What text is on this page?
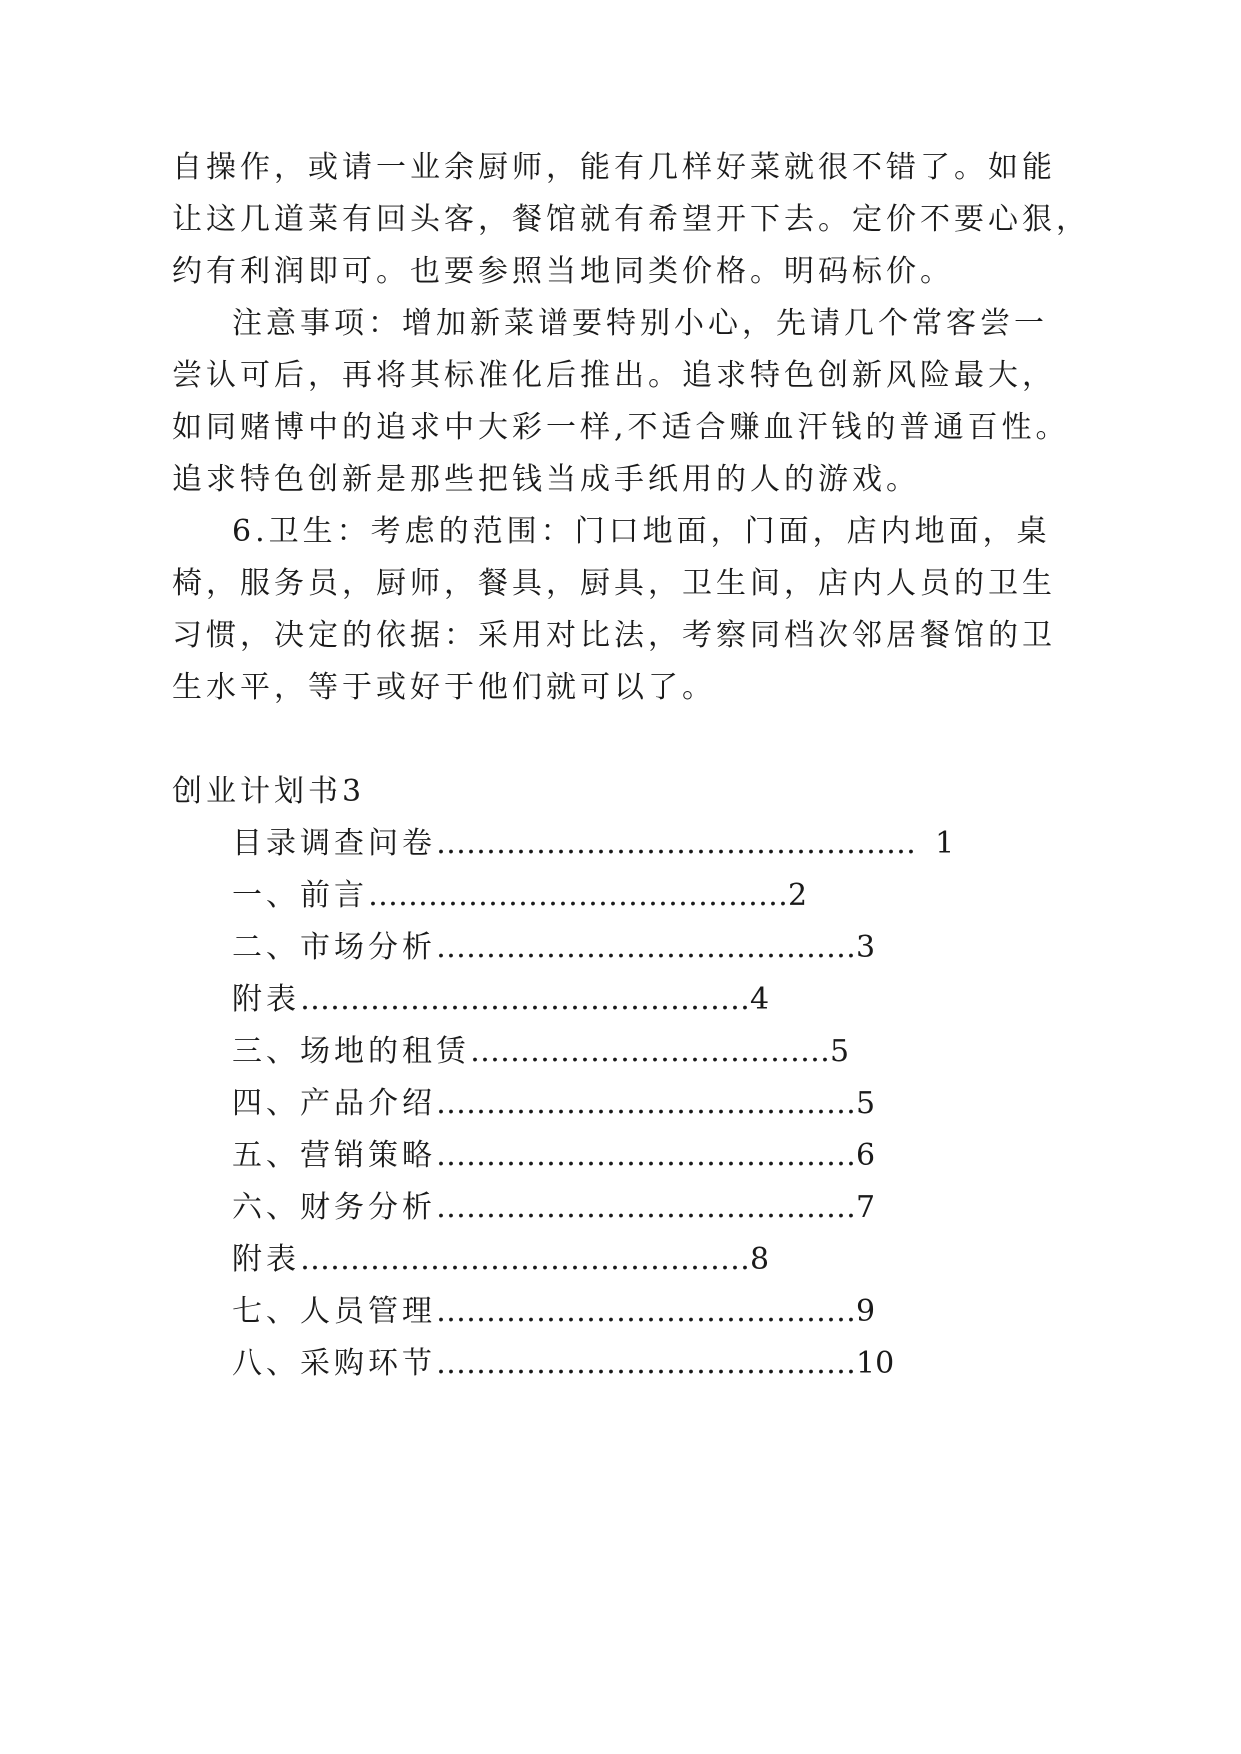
自操作，或请一业余厨师，能有几样好菜就很不错了。如能
让这几道菜有回头客，餐馆就有希望开下去。定价不要心狠，
约有利润即可。也要参照当地同类价格。明码标价。
注意事项：增加新菜谱要特别小心，先请几个常客尝一
尝认可后，再将其标准化后推出。追求特色创新风险最大，
如同赌博中的追求中大彩一样,不适合赚血汗钱的普通百性。
追求特色创新是那些把钱当成手纸用的人的游戏。
6.卫生：考虑的范围：门口地面，门面，店内地面，桌
椅，服务员，厨师，餐具，厨具，卫生间，店内人员的卫生
习惯，决定的依据：采用对比法，考察同档次邻居餐馆的卫
生水平，等于或好于他们就可以了。
创业计划书3
目录调查问卷…………………………………………  1
一、前言……………………………………2
二、市场分析……………………………………3
附表………………………………………4
三、场地的租赁………………………………5
四、产品介绍……………………………………5
五、营销策略……………………………………6
六、财务分析……………………………………7
附表………………………………………8
七、人员管理……………………………………9
八、采购环节……………………………………10
